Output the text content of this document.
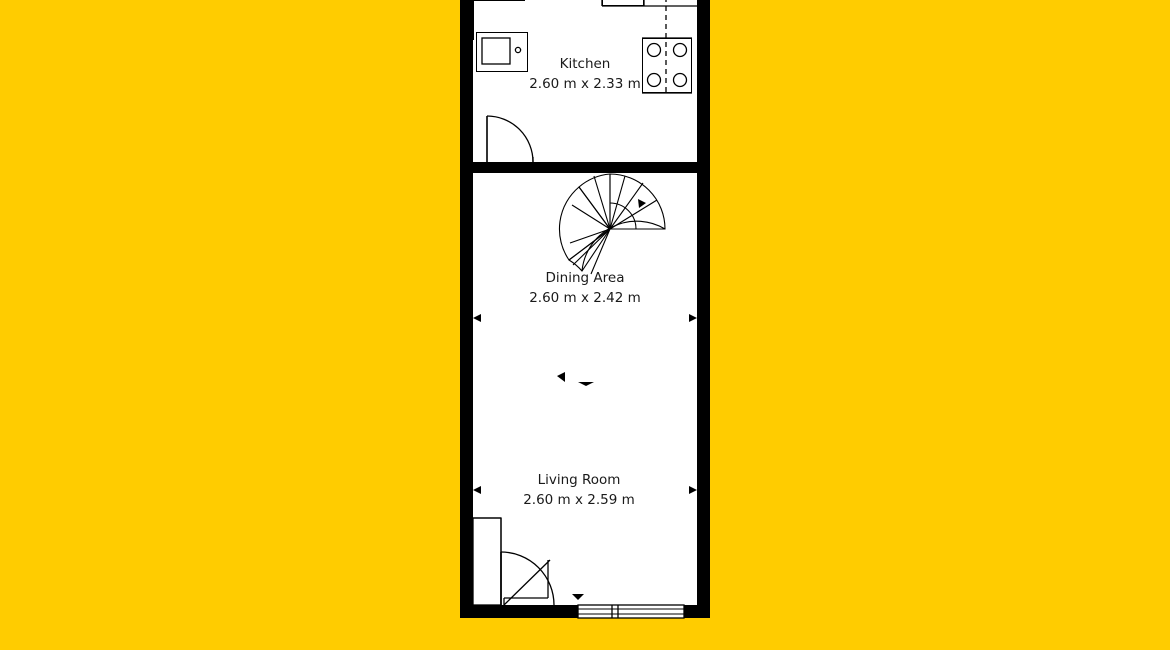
Kitchen
2.60 m x 2.33 m
Dining Area
2.60 m x 2.42 m
Living Room
2.60 m x 2.59 m
